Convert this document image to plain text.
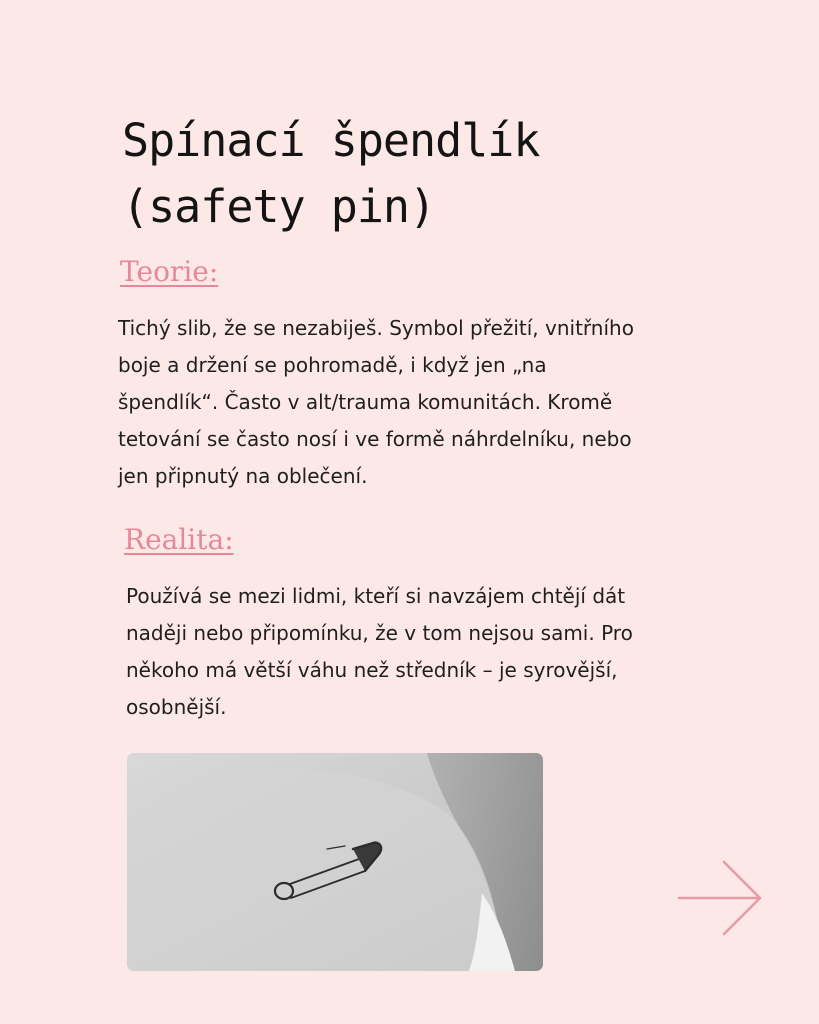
Spínací špendlík
(safety pin)
Teorie:

Tichý slib, že se nezabiješ. Symbol přežití, vnitřního
boje a držení se pohromadě, i když jen „na
špendlík“. Často v alt/trauma komunitách. Kromě
tetování se často nosí i ve formě náhrdelníku, nebo
jen připnutý na oblečení.

Realita:

Používá se mezi lidmi, kteří si navzájem chtějí dát
naději nebo připomínku, že v tom nejsou sami. Pro
někoho má větší váhu než středník – je syrovější,
osobnější.
